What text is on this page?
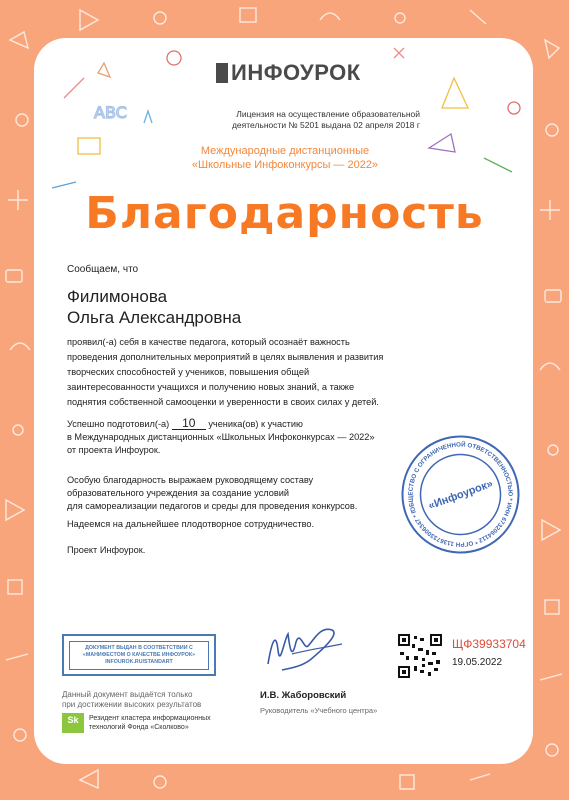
ABC
ИНФОУРОК
Лицензия на осуществление образовательной
деятельности № 5201 выдана 02 апреля 2018 г
Международные дистанционные
«Школьные Инфоконкурсы — 2022»
Благодарность
Сообщаем, что
Филимонова
Ольга Александровна
проявил(-а) себя в качестве педагога, который осознаёт важность
проведения дополнительных мероприятий в целях выявления и развития
творческих способностей у учеников, повышения общей
заинтересованности учащихся и получению новых знаний, а также
поднятия собственной самооценки и уверенности в своих силах у детей.
Успешно подготовил(-а) 10 ученика(ов) к участию
в Международных дистанционных «Школьных Инфоконкурсах — 2022»
от проекта Инфоурок.
Особую благодарность выражаем руководящему составу
образовательного учреждения за создание условий
для самореализации педагогов и среды для проведения конкурсов.
Надеемся на дальнейшее плодотворное сотрудничество.
Проект Инфоурок.
ОБЩЕСТВО С ОГРАНИЧЕННОЙ ОТВЕТСТВЕННОСТЬЮ * ИНН 6732064112 * ОГРН 1136733006347 * Г.СМОЛЕНСК
«Инфоурок»
ДОКУМЕНТ ВЫДАН В СООТВЕТСТВИИ С
«МАНИФЕСТОМ О КАЧЕСТВЕ ИНФОУРОК»
INFOUROK.RU/STANDART
Данный документ выдаётся только
при достижении высоких результатов
Sk	Резидент кластера информационных
технологий Фонда «Сколково»
И.В. Жаборовский
Руководитель «Учебного центра»
ЩФ39933704
19.05.2022
infourok.ru
